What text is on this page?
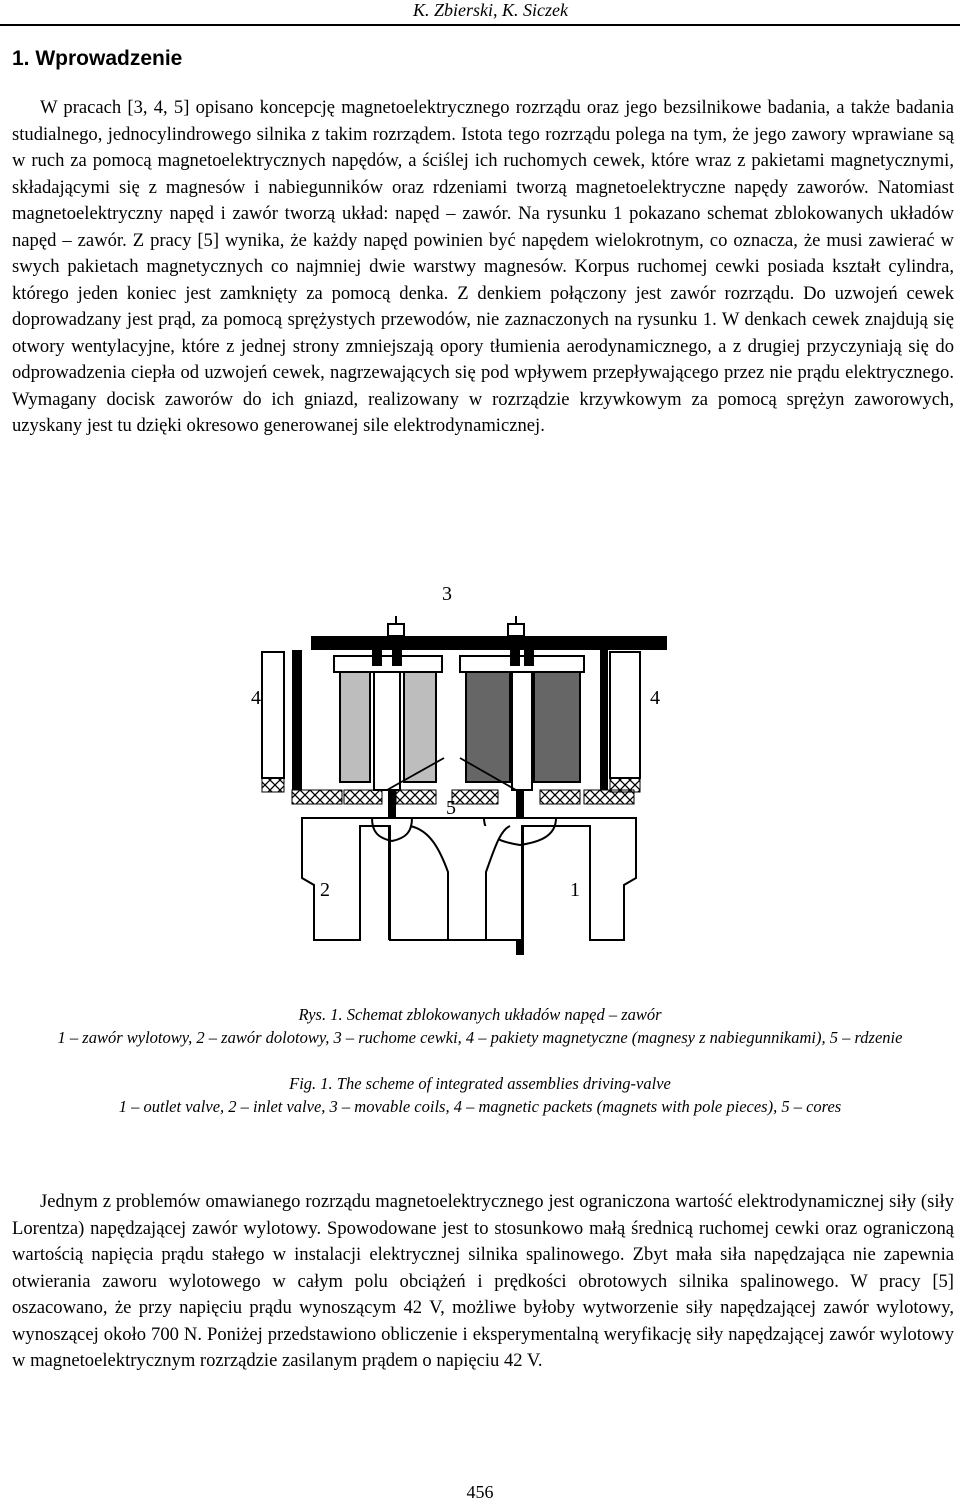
K. Zbierski, K. Siczek
1. Wprowadzenie

W pracach [3, 4, 5] opisano koncepcję magnetoelektrycznego rozrządu oraz jego bezsilnikowe badania, a także badania studialnego, jednocylindrowego silnika z takim rozrządem. Istota tego rozrządu polega na tym, że jego zawory wprawiane są w ruch za pomocą magnetoelektrycznych napędów, a ściślej ich ruchomych cewek, które wraz z pakietami magnetycznymi, składającymi się z magnesów i nabiegunników oraz rdzeniami tworzą magnetoelektryczne napędy zaworów. Natomiast magnetoelektryczny napęd i zawór tworzą układ: napęd – zawór. Na rysunku 1 pokazano schemat zblokowanych układów napęd – zawór. Z pracy [5] wynika, że każdy napęd powinien być napędem wielokrotnym, co oznacza, że musi zawierać w swych pakietach magnetycznych co najmniej dwie warstwy magnesów. Korpus ruchomej cewki posiada kształt cylindra, którego jeden koniec jest zamknięty za pomocą denka. Z denkiem połączony jest zawór rozrządu. Do uzwojeń cewek doprowadzany jest prąd, za pomocą sprężystych przewodów, nie zaznaczonych na rysunku 1. W denkach cewek znajdują się otwory wentylacyjne, które z jednej strony zmniejszają opory tłumienia aerodynamicznego, a z drugiej przyczyniają się do odprowadzenia ciepła od uzwojeń cewek, nagrzewających się pod wpływem przepływającego przez nie prądu elektrycznego. Wymagany docisk zaworów do ich gniazd, realizowany w rozrządzie krzywkowym za pomocą sprężyn zaworowych, uzyskany jest tu dzięki okresowo generowanej sile elektrodynamicznej.

3
4	4
5
2	1

Rys. 1. Schemat zblokowanych układów napęd – zawór
1 – zawór wylotowy, 2 – zawór dolotowy, 3 – ruchome cewki, 4 – pakiety magnetyczne (magnesy z nabiegunnikami), 5 – rdzenie

Fig. 1. The scheme of integrated assemblies driving-valve
1 – outlet valve, 2 – inlet valve, 3 – movable coils, 4 – magnetic packets (magnets with pole pieces), 5 – cores

Jednym z problemów omawianego rozrządu magnetoelektrycznego jest ograniczona wartość elektrodynamicznej siły (siły Lorentza) napędzającej zawór wylotowy. Spowodowane jest to stosunkowo małą średnicą ruchomej cewki oraz ograniczoną wartością napięcia prądu stałego w instalacji elektrycznej silnika spalinowego. Zbyt mała siła napędzająca nie zapewnia otwierania zaworu wylotowego w całym polu obciążeń i prędkości obrotowych silnika spalinowego. W pracy [5] oszacowano, że przy napięciu prądu wynoszącym 42 V, możliwe byłoby wytworzenie siły napędzającej zawór wylotowy, wynoszącej około 700 N. Poniżej przedstawiono obliczenie i eksperymentalną weryfikację siły napędzającej zawór wylotowy w magnetoelektrycznym rozrządzie zasilanym prądem o napięciu 42 V.

456
